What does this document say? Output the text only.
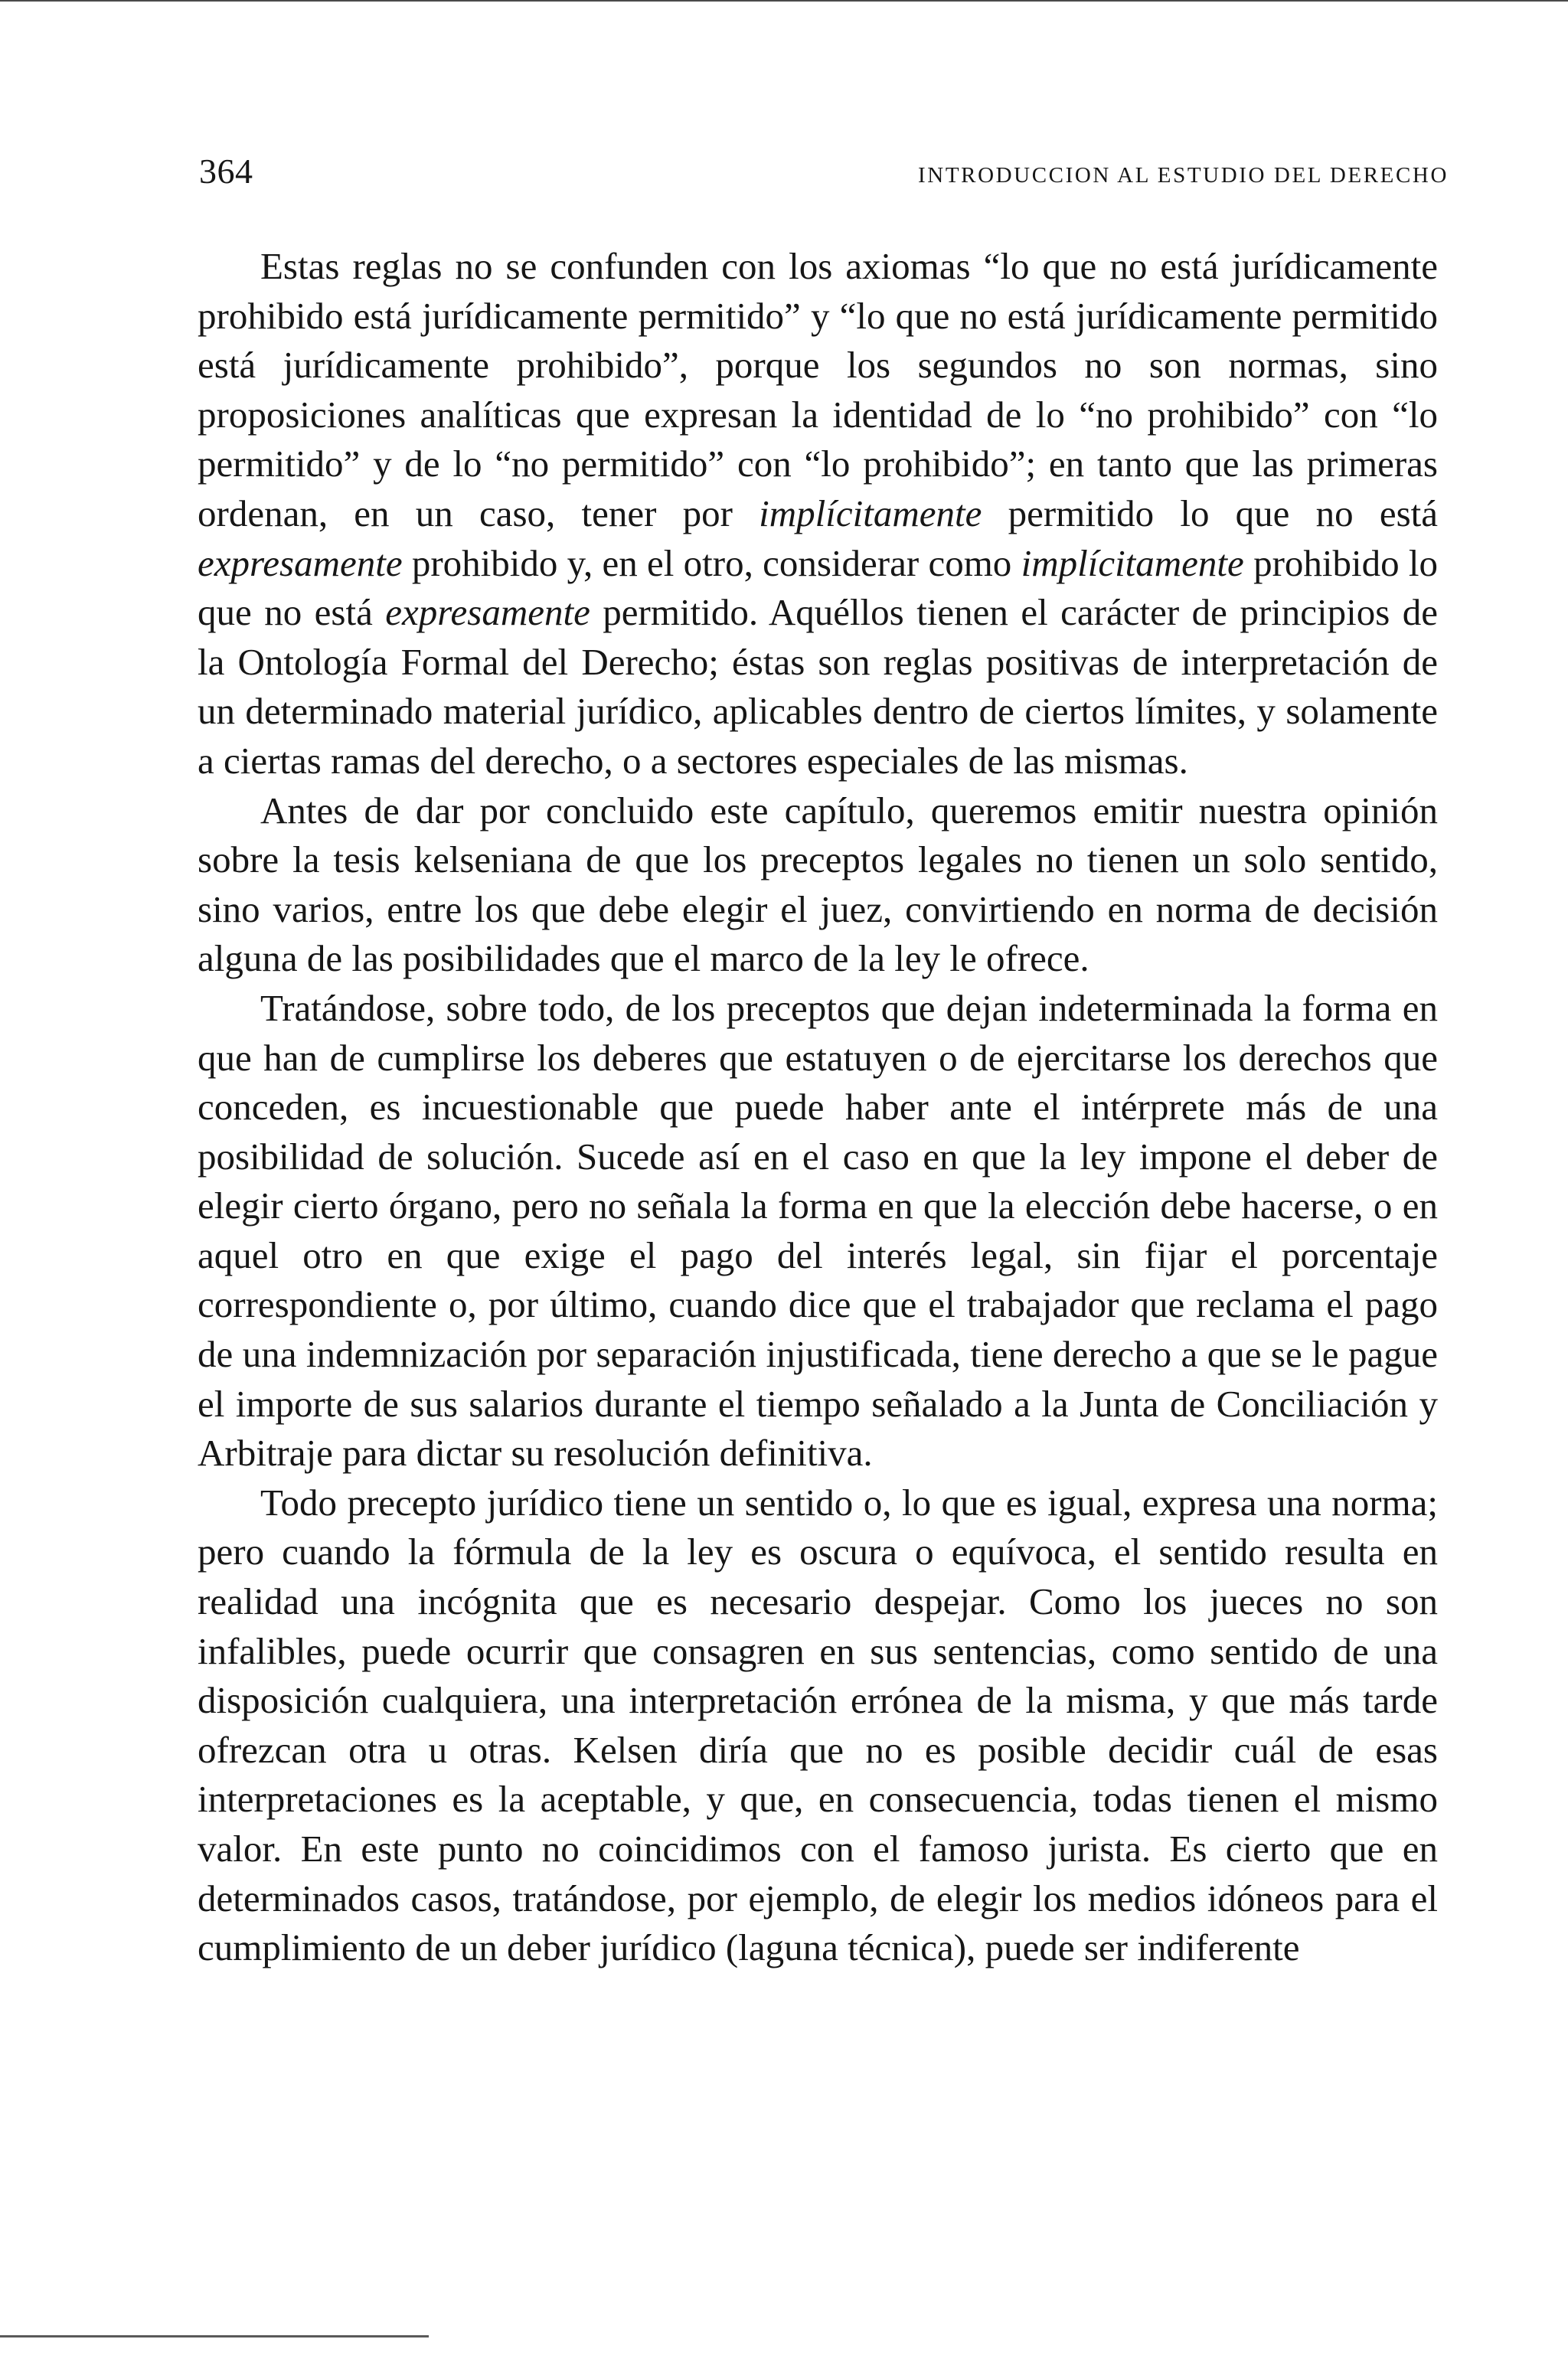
364	INTRODUCCION AL ESTUDIO DEL DERECHO

Estas reglas no se confunden con los axiomas “lo que no está jurídicamente prohibido está jurídicamente permitido” y “lo que no está jurídicamente permitido está jurídicamente prohibido”, porque los segundos no son normas, sino proposiciones analíticas que expresan la identidad de lo “no prohibido” con “lo permitido” y de lo “no permitido” con “lo prohibido”; en tanto que las primeras ordenan, en un caso, tener por implícitamente permitido lo que no está expresamente prohibido y, en el otro, considerar como implícitamente prohibido lo que no está expresamente permitido. Aquéllos tienen el carácter de principios de la Ontología Formal del Derecho; éstas son reglas positivas de interpretación de un determinado material jurídico, aplicables dentro de ciertos límites, y solamente a ciertas ramas del derecho, o a sectores especiales de las mismas.

Antes de dar por concluido este capítulo, queremos emitir nuestra opinión sobre la tesis kelseniana de que los preceptos legales no tienen un solo sentido, sino varios, entre los que debe elegir el juez, convirtiendo en norma de decisión alguna de las posibilidades que el marco de la ley le ofrece.

Tratándose, sobre todo, de los preceptos que dejan indeterminada la forma en que han de cumplirse los deberes que estatuyen o de ejercitarse los derechos que conceden, es incuestionable que puede haber ante el intérprete más de una posibilidad de solución. Sucede así en el caso en que la ley impone el deber de elegir cierto órgano, pero no señala la forma en que la elección debe hacerse, o en aquel otro en que exige el pago del interés legal, sin fijar el porcentaje correspondiente o, por último, cuando dice que el trabajador que reclama el pago de una indemnización por separación injustificada, tiene derecho a que se le pague el importe de sus salarios durante el tiempo señalado a la Junta de Conciliación y Arbitraje para dictar su resolución definitiva.

Todo precepto jurídico tiene un sentido o, lo que es igual, expresa una norma; pero cuando la fórmula de la ley es oscura o equívoca, el sentido resulta en realidad una incógnita que es necesario despejar. Como los jueces no son infalibles, puede ocurrir que consagren en sus sentencias, como sentido de una disposición cualquiera, una interpretación errónea de la misma, y que más tarde ofrezcan otra u otras. Kelsen diría que no es posible decidir cuál de esas interpretaciones es la aceptable, y que, en consecuencia, todas tienen el mismo valor. En este punto no coincidimos con el famoso jurista. Es cierto que en determinados casos, tratándose, por ejemplo, de elegir los medios idóneos para el cumplimiento de un deber jurídico (laguna técnica), puede ser indiferente
